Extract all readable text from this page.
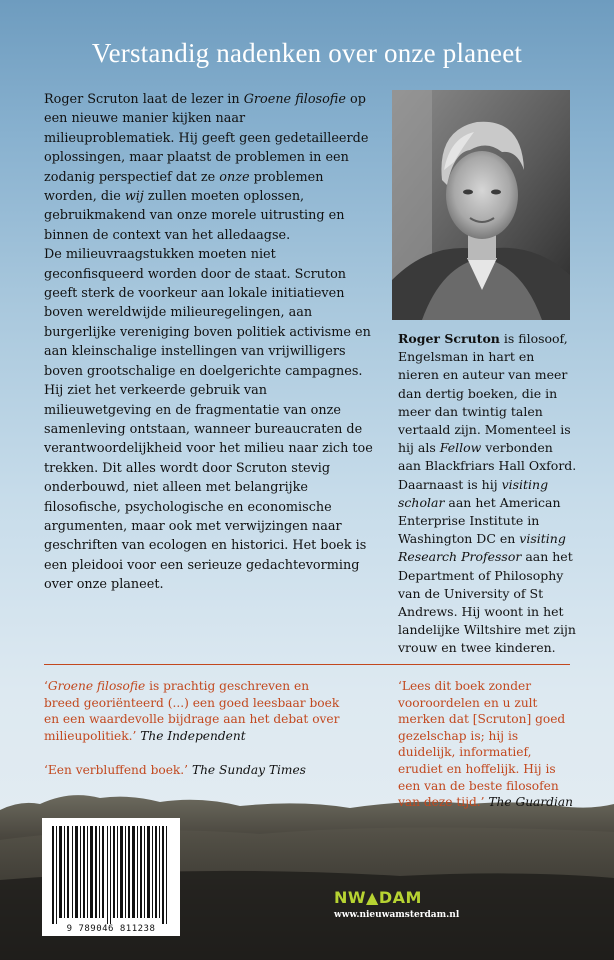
Verstandig nadenken over onze planeet

Roger Scruton laat de lezer in Groene filosofie op een nieuwe manier kijken naar milieuproblematiek. Hij geeft geen gedetailleerde oplossingen, maar plaatst de problemen in een zodanig perspectief dat ze onze problemen worden, die wij zullen moeten oplossen, gebruikmakend van onze morele uitrusting en binnen de context van het alledaagse.

De milieuvraagstukken moeten niet geconfisqueerd worden door de staat. Scruton geeft sterk de voorkeur aan lokale initiatieven boven wereldwijde milieuregelingen, aan burgerlijke vereniging boven politiek activisme en aan kleinschalige instellingen van vrijwilligers boven grootschalige en doelgerichte campagnes. Hij ziet het verkeerde gebruik van milieuwetgeving en de fragmentatie van onze samenleving ontstaan, wanneer bureaucraten de verantwoordelijkheid voor het milieu naar zich toe trekken. Dit alles wordt door Scruton stevig onderbouwd, niet alleen met belangrijke filosofische, psychologische en economische argumenten, maar ook met verwijzingen naar geschriften van ecologen en historici. Het boek is een pleidooi voor een serieuze gedachtevorming over onze planeet.

Roger Scruton is filosoof, Engelsman in hart en nieren en auteur van meer dan dertig boeken, die in meer dan twintig talen vertaald zijn. Momenteel is hij als Fellow verbonden aan Blackfriars Hall Oxford. Daarnaast is hij visiting scholar aan het American Enterprise Institute in Washington DC en visiting Research Professor aan het Department of Philosophy van de University of St Andrews. Hij woont in het landelijke Wiltshire met zijn vrouw en twee kinderen.

‘Groene filosofie is prachtig geschreven en breed georiënteerd (...) een goed leesbaar boek en een waardevolle bijdrage aan het debat over milieupolitiek.’ The Independent

‘Een verbluffend boek.’ The Sunday Times

‘Lees dit boek zonder vooroordelen en u zult merken dat [Scruton] goed gezelschap is; hij is duidelijk, informatief, erudiet en hoffelijk. Hij is een van de beste filosofen van deze tijd.’ The Guardian

9 789046 811238
NW▲DAM
www.nieuwamsterdam.nl
